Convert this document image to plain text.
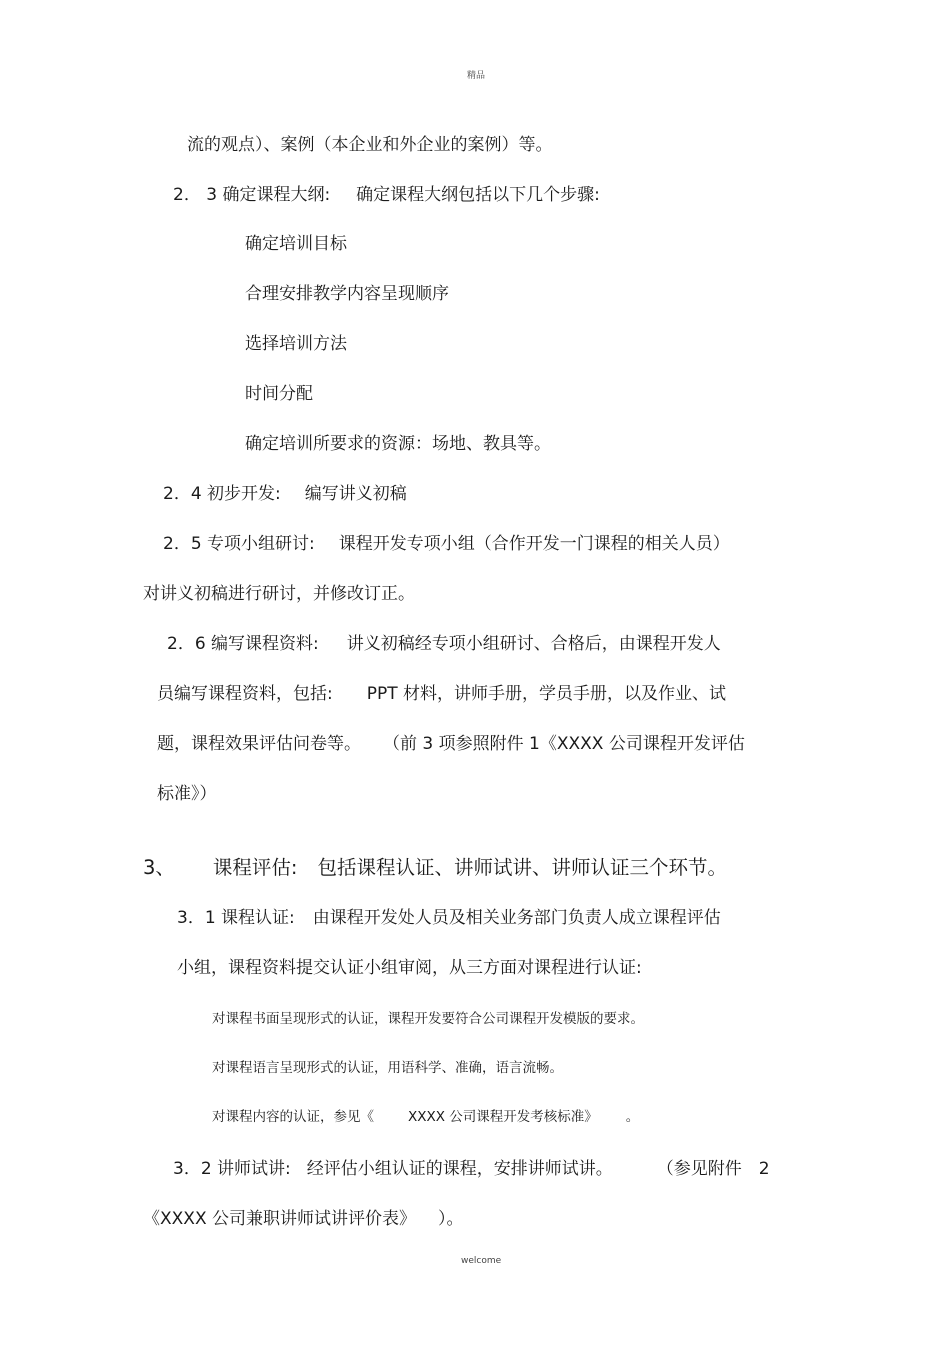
精品
流的观点）、案例（本企业和外企业的案例）等。
2． 3 确定课程大纲: 确定课程大纲包括以下几个步骤:
确定培训目标
合理安排教学内容呈现顺序
选择培训方法
时间分配
确定培训所要求的资源：场地、教具等。
2．4 初步开发: 编写讲义初稿
2．5 专项小组研讨: 课程开发专项小组（合作开发一门课程的相关人员）
对讲义初稿进行研讨，并修改订正。
2．6 编写课程资料: 讲义初稿经专项小组研讨、合格后，由课程开发人
员编写课程资料，包括: PPT 材料，讲师手册，学员手册，以及作业、试
题，课程效果评估问卷等。 （前 3 项参照附件 1《XXXX 公司课程开发评估
标准》）
3、 课程评估: 包括课程认证、讲师试讲、讲师认证三个环节。
3．1 课程认证: 由课程开发处人员及相关业务部门负责人成立课程评估
小组，课程资料提交认证小组审阅，从三方面对课程进行认证:
对课程书面呈现形式的认证，课程开发要符合公司课程开发模版的要求。
对课程语言呈现形式的认证，用语科学、准确，语言流畅。
对课程内容的认证，参见《	XXXX 公司课程开发考核标准》 。
3．2 讲师试讲: 经评估小组认证的课程，安排讲师试讲。	（参见附件　2
《XXXX 公司兼职讲师试讲评价表》 ）。
welcome
